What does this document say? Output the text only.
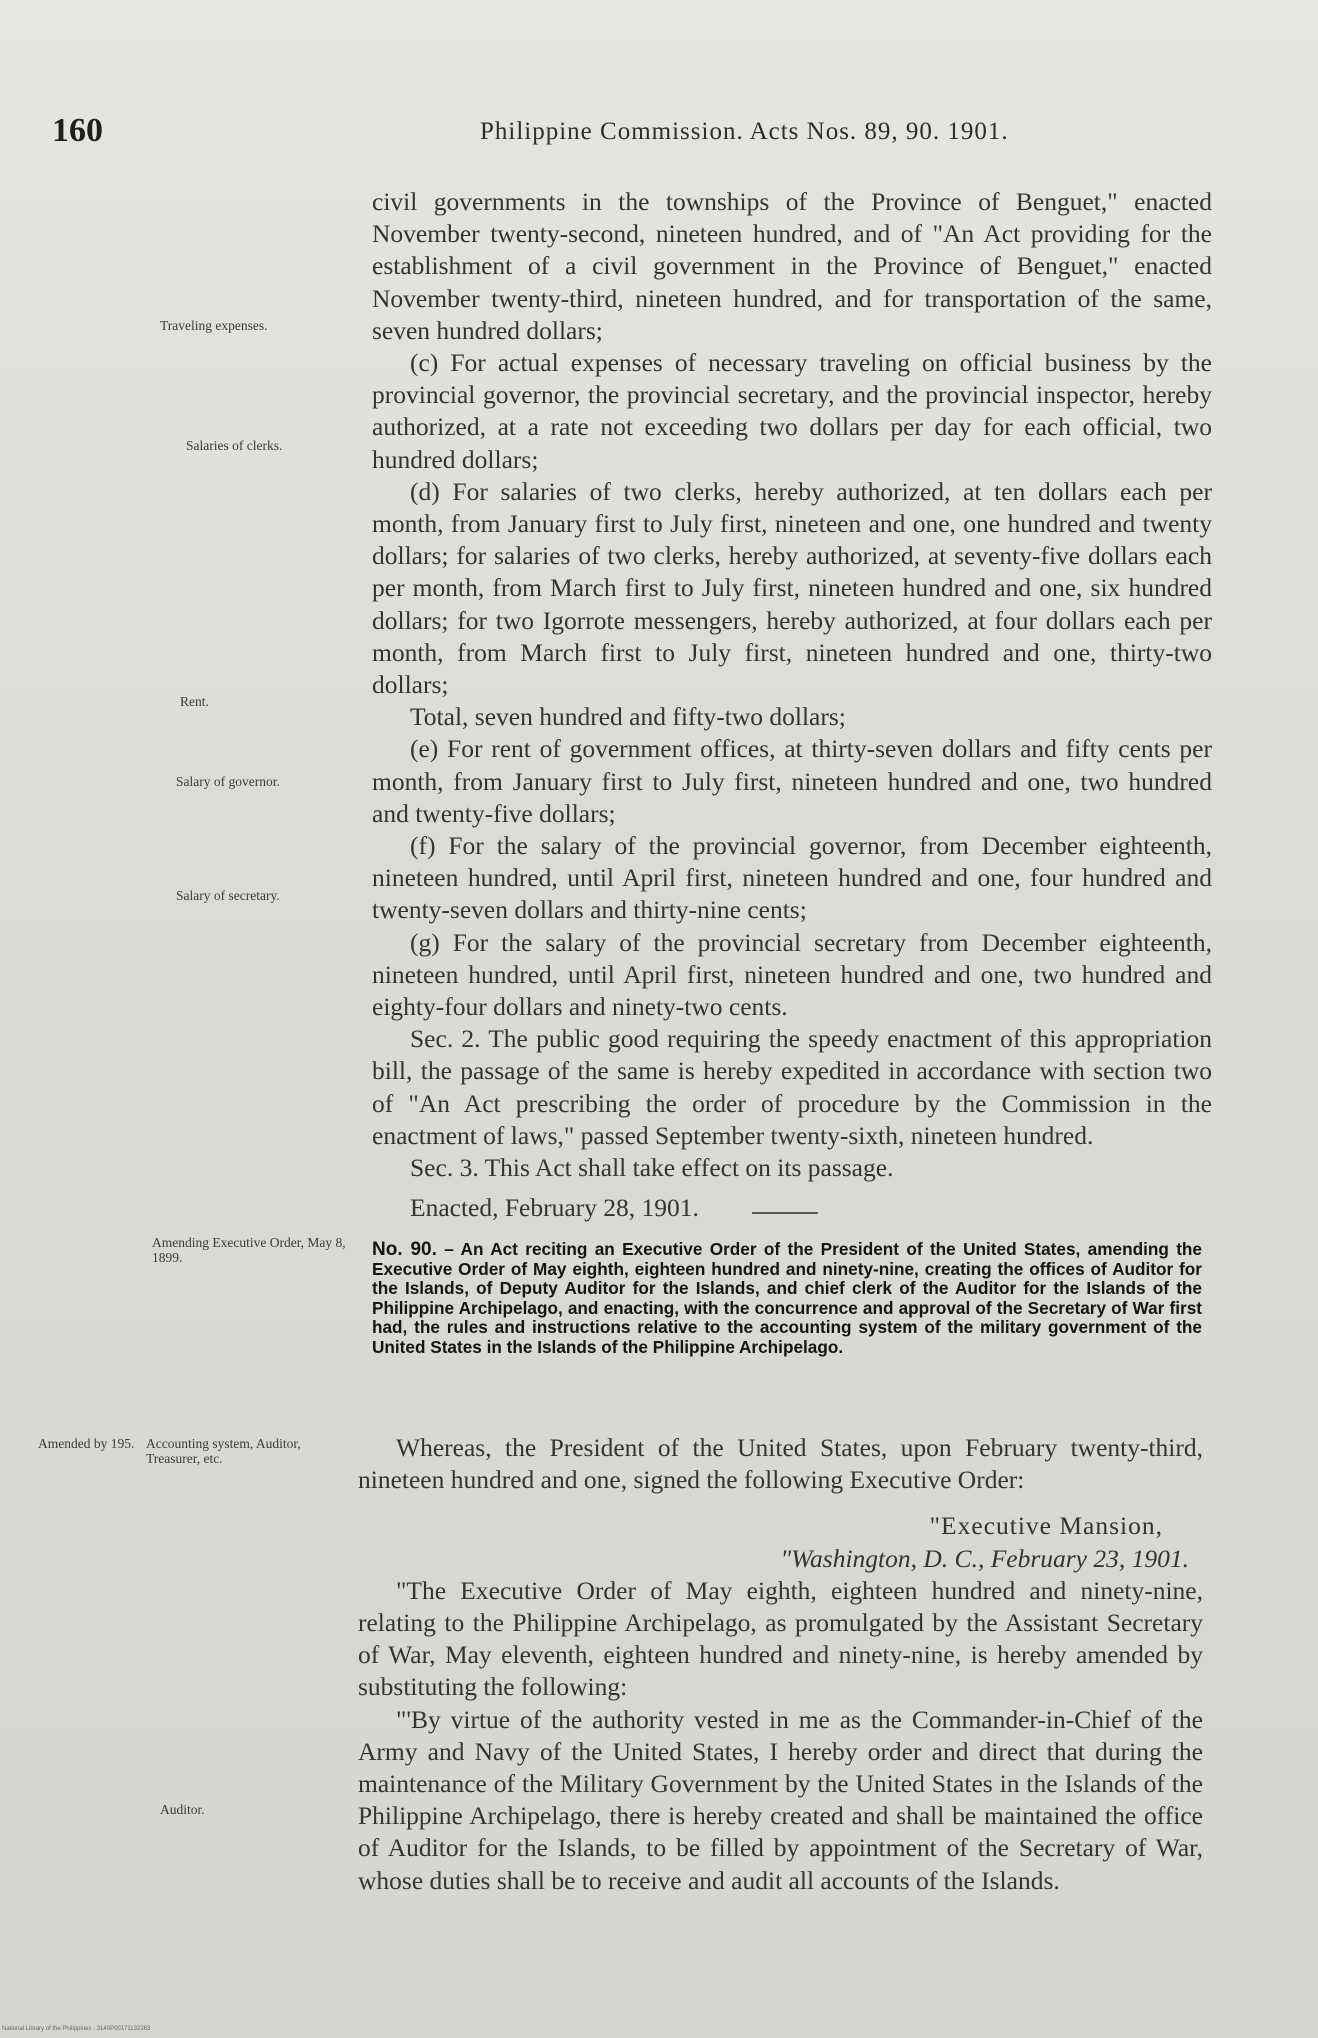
160	Philippine Commission. Acts Nos. 89, 90. 1901.

civil governments in the townships of the Province of Benguet," enacted November twenty-second, nineteen hundred, and of "An Act providing for the establishment of a civil government in the Province of Benguet," enacted November twenty-third, nineteen hundred, and for transportation of the same, seven hundred dollars;

(c) For actual expenses of necessary traveling on official business by the provincial governor, the provincial secretary, and the provincial inspector, hereby authorized, at a rate not exceeding two dollars per day for each official, two hundred dollars;

(d) For salaries of two clerks, hereby authorized, at ten dollars each per month, from January first to July first, nineteen and one, one hundred and twenty dollars; for salaries of two clerks, hereby authorized, at seventy-five dollars each per month, from March first to July first, nineteen hundred and one, six hundred dollars; for two Igorrote messengers, hereby authorized, at four dollars each per month, from March first to July first, nineteen hundred and one, thirty-two dollars;

Total, seven hundred and fifty-two dollars;

(e) For rent of government offices, at thirty-seven dollars and fifty cents per month, from January first to July first, nineteen hundred and one, two hundred and twenty-five dollars;

(f) For the salary of the provincial governor, from December eighteenth, nineteen hundred, until April first, nineteen hundred and one, four hundred and twenty-seven dollars and thirty-nine cents;

(g) For the salary of the provincial secretary from December eighteenth, nineteen hundred, until April first, nineteen hundred and one, two hundred and eighty-four dollars and ninety-two cents.

Sec. 2. The public good requiring the speedy enactment of this appropriation bill, the passage of the same is hereby expedited in accordance with section two of "An Act prescribing the order of procedure by the Commission in the enactment of laws," passed September twenty-sixth, nineteen hundred.

Sec. 3. This Act shall take effect on its passage.

Enacted, February 28, 1901.

Traveling expenses.
Salaries of clerks.
Rent.
Salary of governor.
Salary of secretary.
Amending Executive Order, May 8, 1899.	No. 90. – An Act reciting an Executive Order of the President of the United States, amending the Executive Order of May eighth, eighteen hundred and ninety-nine, creating the offices of Auditor for the Islands, of Deputy Auditor for the Islands, and chief clerk of the Auditor for the Islands of the Philippine Archipelago, and enacting, with the concurrence and approval of the Secretary of War first had, the rules and instructions relative to the accounting system of the military government of the United States in the Islands of the Philippine Archipelago.
Amended by 195. Accounting system, Auditor, Treasurer, etc.	Whereas, the President of the United States, upon February twenty-third, nineteen hundred and one, signed the following Executive Order:

"Executive Mansion,

"Washington, D. C., February 23, 1901.

"The Executive Order of May eighth, eighteen hundred and ninety-nine, relating to the Philippine Archipelago, as promulgated by the Assistant Secretary of War, May eleventh, eighteen hundred and ninety-nine, is hereby amended by substituting the following:

"'By virtue of the authority vested in me as the Commander-in-Chief of the Army and Navy of the United States, I hereby order and direct that during the maintenance of the Military Government by the United States in the Islands of the Philippine Archipelago, there is hereby created and shall be maintained the office of Auditor for the Islands, to be filled by appointment of the Secretary of War, whose duties shall be to receive and audit all accounts of the Islands.

Auditor.
National Library of the Philippines · 3140P00171132263
